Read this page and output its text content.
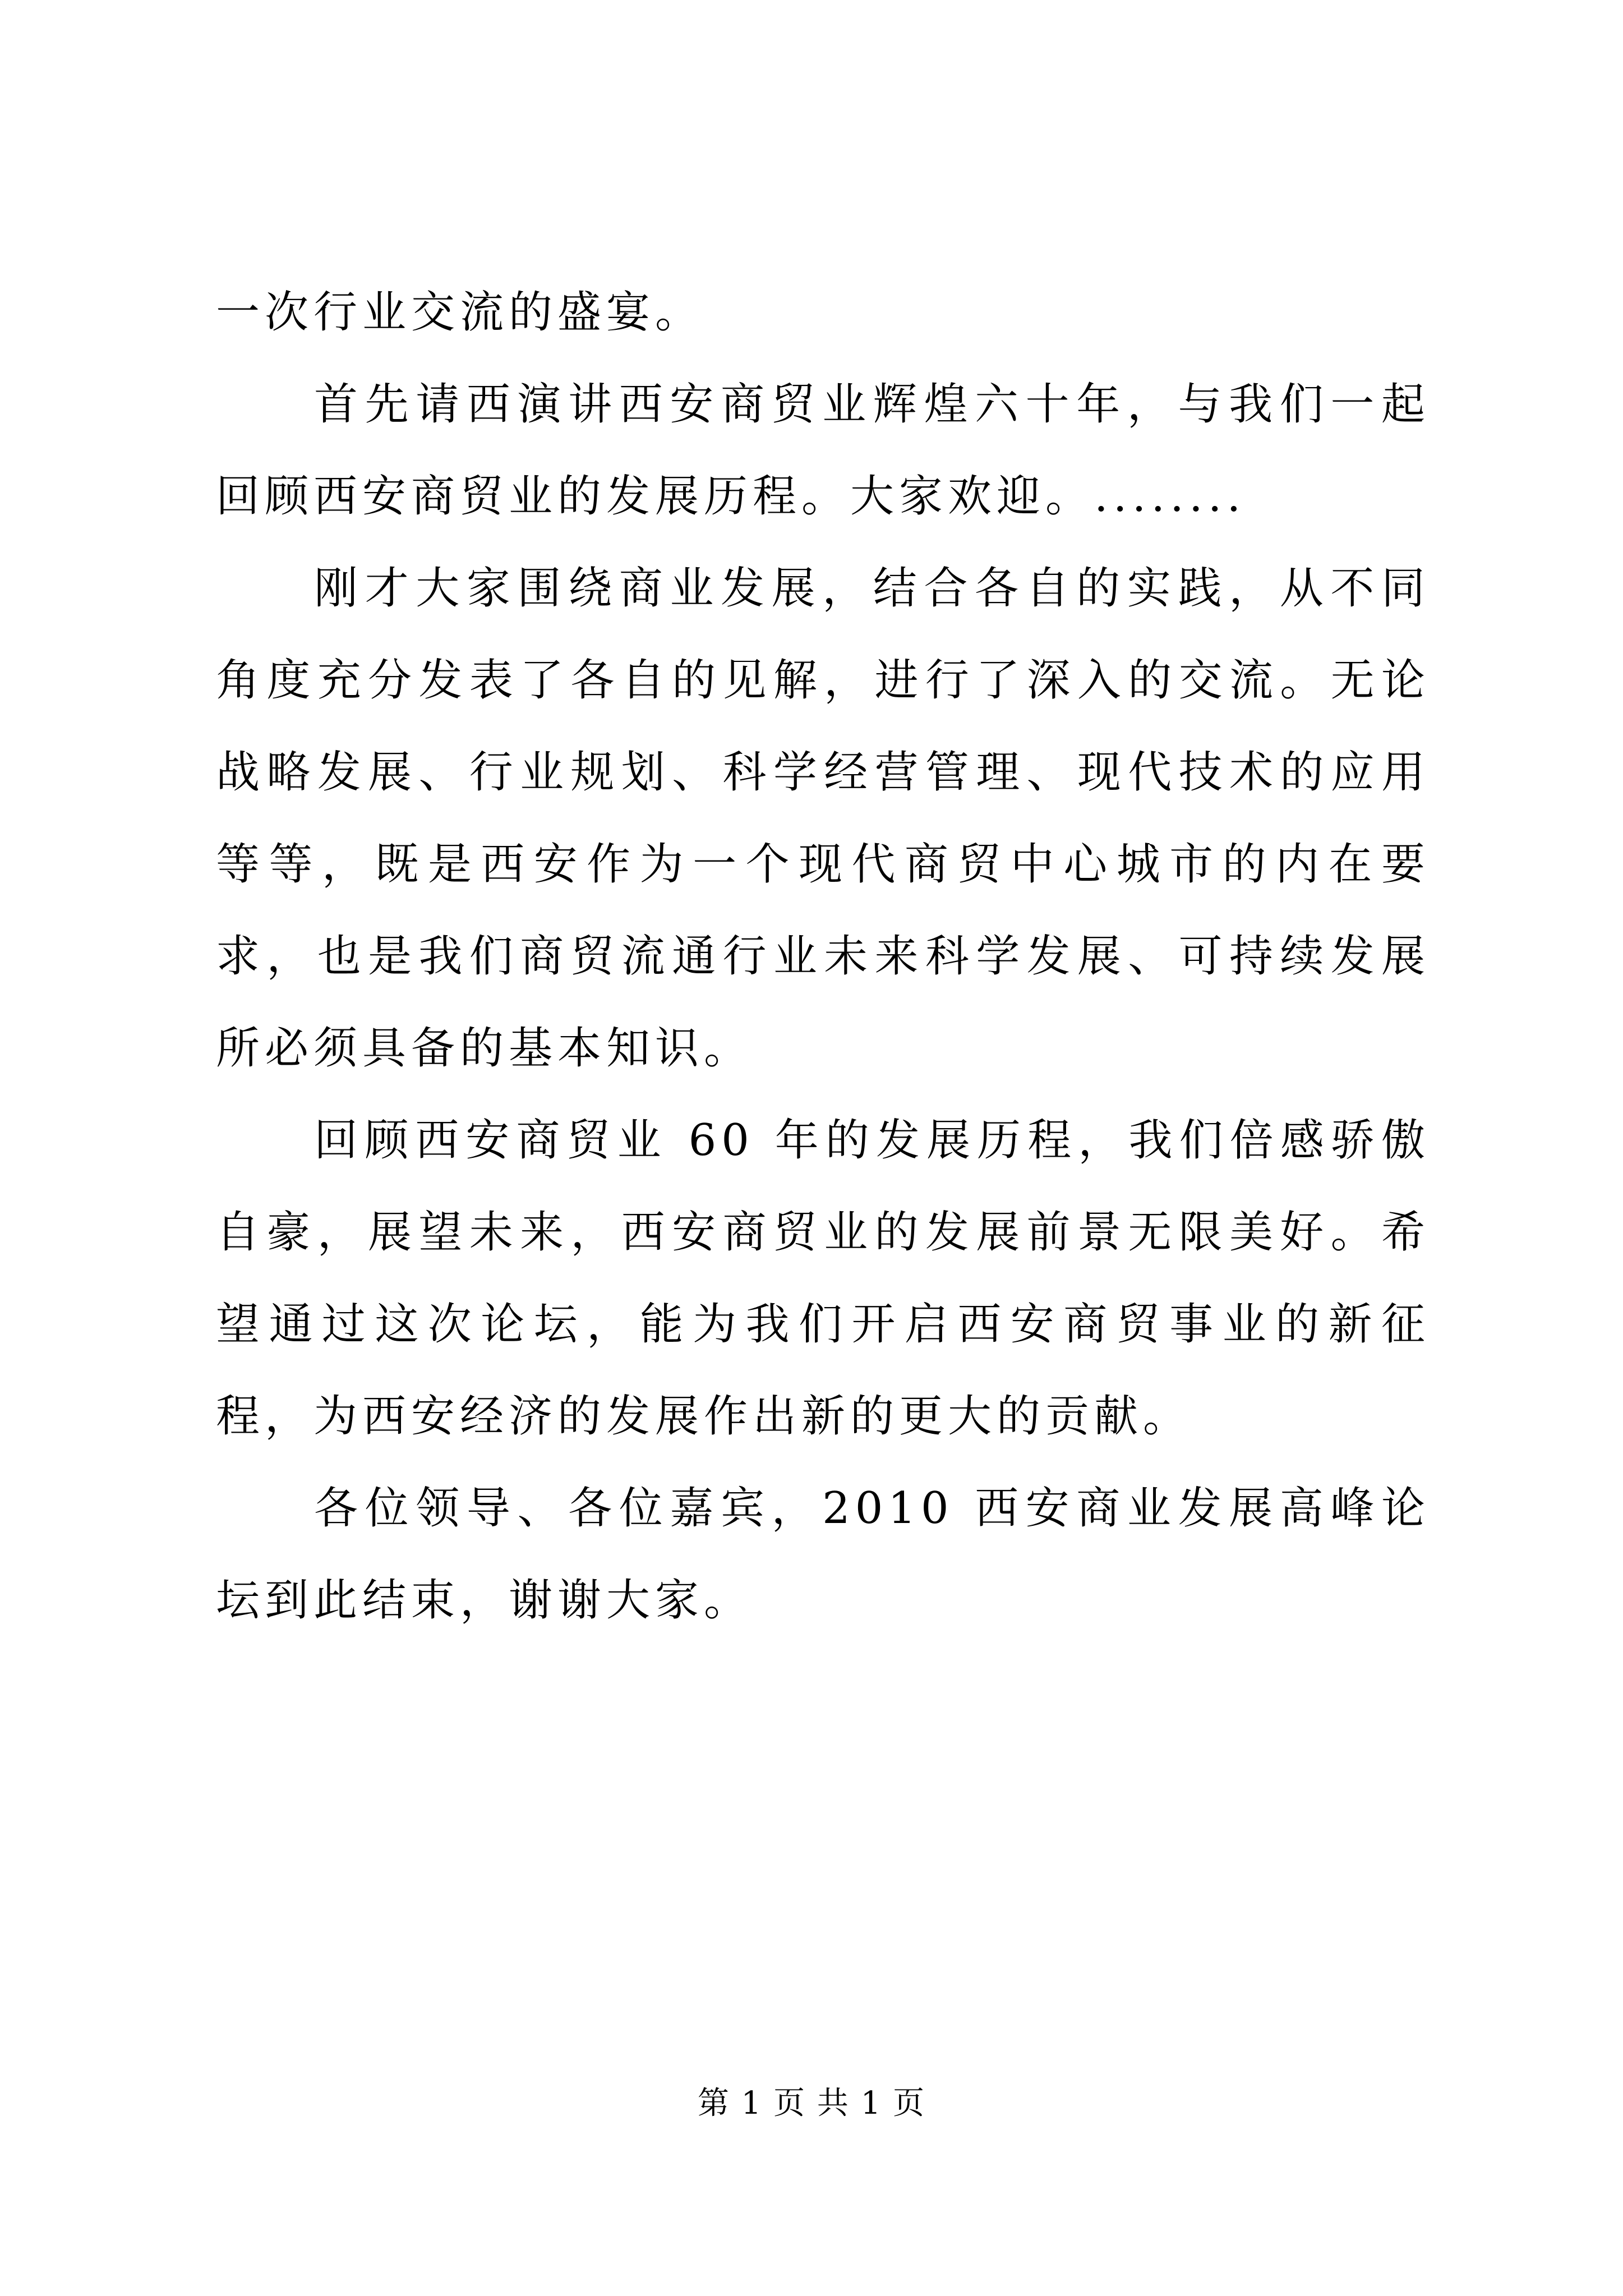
一次行业交流的盛宴。

首先请西演讲西安商贸业辉煌六十年，与我们一起回顾西安商贸业的发展历程。大家欢迎。........

刚才大家围绕商业发展，结合各自的实践，从不同角度充分发表了各自的见解，进行了深入的交流。无论战略发展、行业规划、科学经营管理、现代技术的应用等等，既是西安作为一个现代商贸中心城市的内在要求，也是我们商贸流通行业未来科学发展、可持续发展所必须具备的基本知识。

回顾西安商贸业 60 年的发展历程，我们倍感骄傲自豪，展望未来，西安商贸业的发展前景无限美好。希望通过这次论坛，能为我们开启西安商贸事业的新征程，为西安经济的发展作出新的更大的贡献。

各位领导、各位嘉宾，2010 西安商业发展高峰论坛到此结束，谢谢大家。

第 1 页 共 1 页
